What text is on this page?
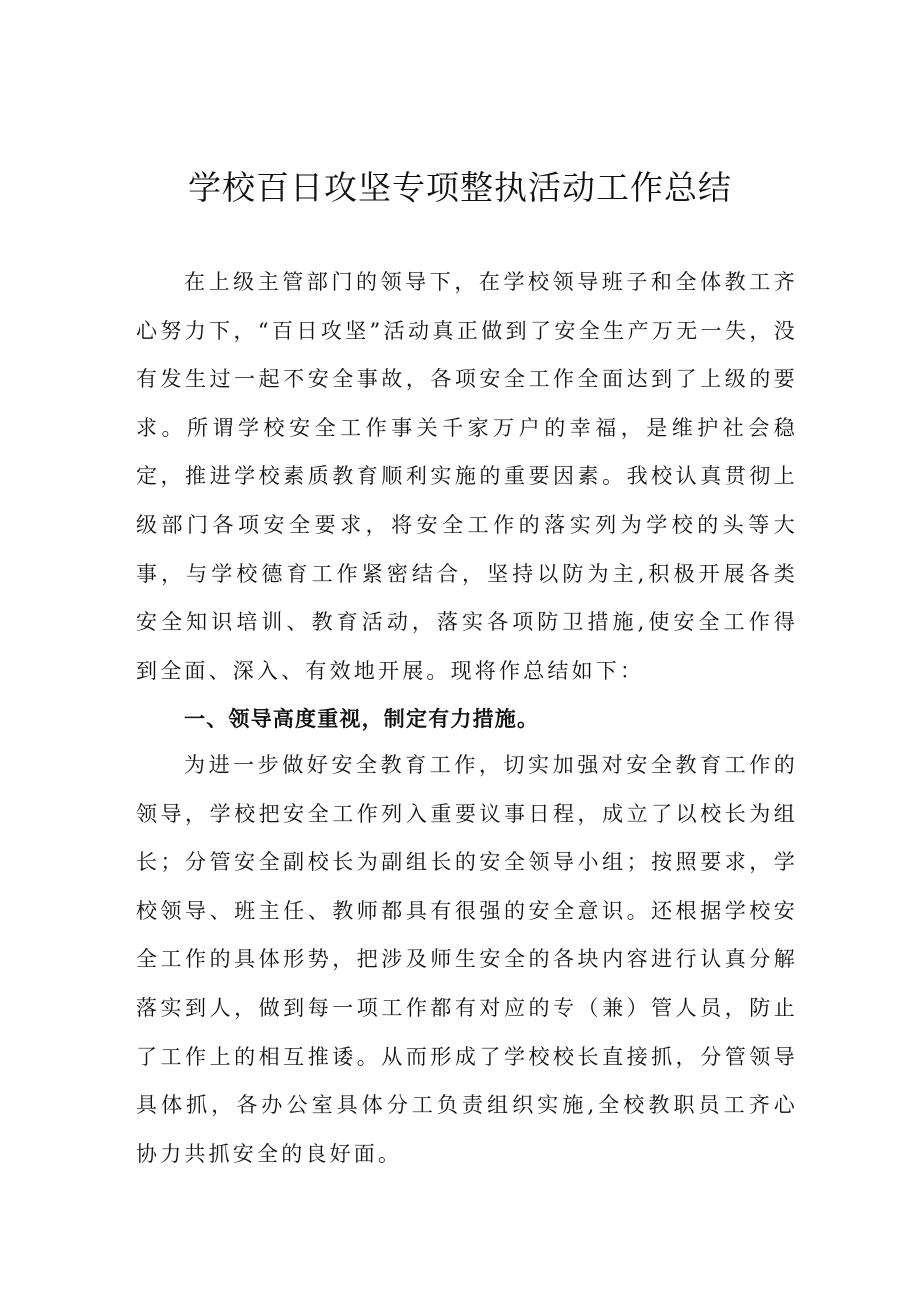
学校百日攻坚专项整执活动工作总结

在上级主管部门的领导下，在学校领导班子和全体教工齐心努力下，“百日攻坚”活动真正做到了安全生产万无一失，没有发生过一起不安全事故，各项安全工作全面达到了上级的要求。所谓学校安全工作事关千家万户的幸福，是维护社会稳定，推进学校素质教育顺利实施的重要因素。我校认真贯彻上级部门各项安全要求，将安全工作的落实列为学校的头等大事，与学校德育工作紧密结合，坚持以防为主,积极开展各类安全知识培训、教育活动，落实各项防卫措施,使安全工作得到全面、深入、有效地开展。现将作总结如下：

一、领导高度重视，制定有力措施。

为进一步做好安全教育工作，切实加强对安全教育工作的领导，学校把安全工作列入重要议事日程，成立了以校长为组长；分管安全副校长为副组长的安全领导小组；按照要求，学校领导、班主任、教师都具有很强的安全意识。还根据学校安全工作的具体形势，把涉及师生安全的各块内容进行认真分解落实到人，做到每一项工作都有对应的专（兼）管人员，防止了工作上的相互推诿。从而形成了学校校长直接抓，分管领导具体抓，各办公室具体分工负责组织实施,全校教职员工齐心协力共抓安全的良好面。
